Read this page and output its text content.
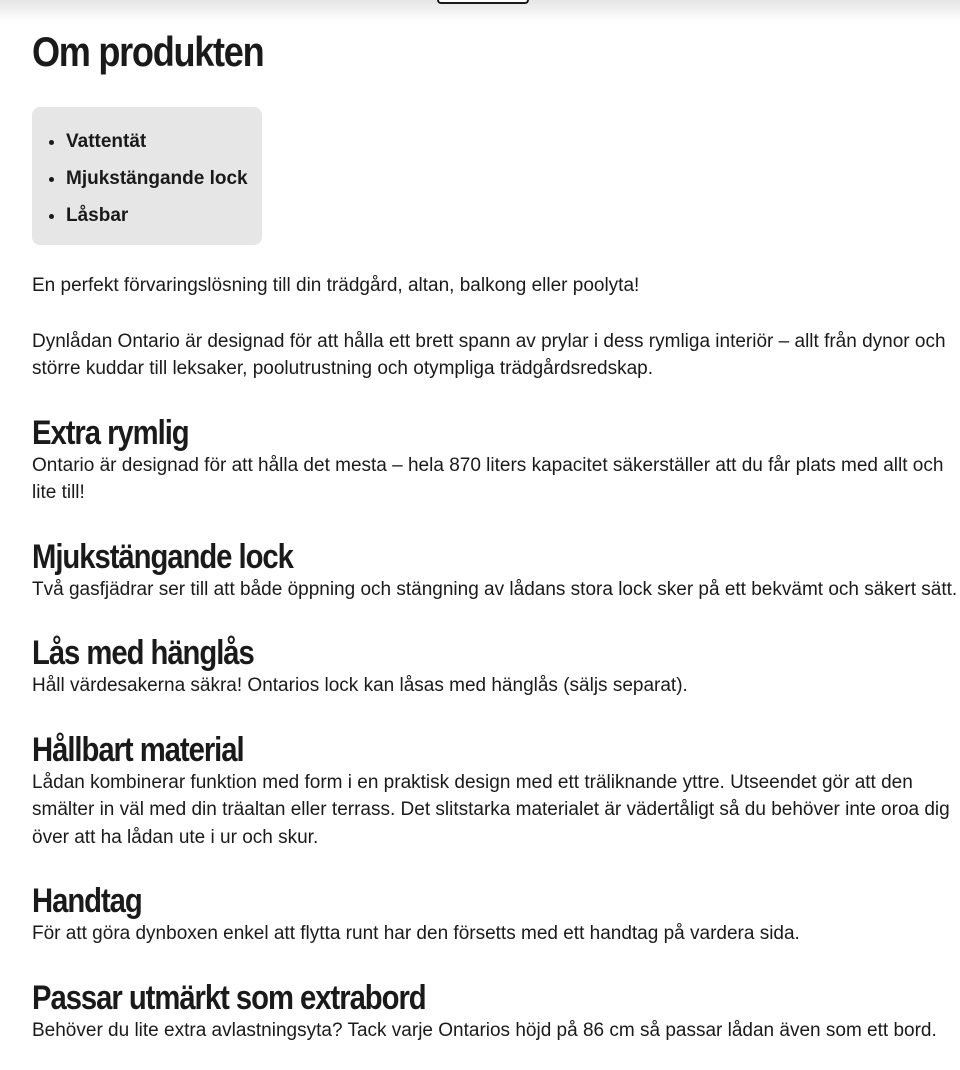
Om produkten
• Vattentät
• Mjukstängande lock
• Låsbar

En perfekt förvaringslösning till din trädgård, altan, balkong eller poolyta!

Dynlådan Ontario är designad för att hålla ett brett spann av prylar i dess rymliga interiör – allt från dynor och större kuddar till leksaker, poolutrustning och otympliga trädgårdsredskap.

Extra rymlig

Ontario är designad för att hålla det mesta – hela 870 liters kapacitet säkerställer att du får plats med allt och lite till!

Mjukstängande lock

Två gasfjädrar ser till att både öppning och stängning av lådans stora lock sker på ett bekvämt och säkert sätt.

Lås med hänglås

Håll värdesakerna säkra! Ontarios lock kan låsas med hänglås (säljs separat).

Hållbart material

Lådan kombinerar funktion med form i en praktisk design med ett träliknande yttre. Utseendet gör att den smälter in väl med din träaltan eller terrass. Det slitstarka materialet är vädertåligt så du behöver inte oroa dig över att ha lådan ute i ur och skur.

Handtag

För att göra dynboxen enkel att flytta runt har den försetts med ett handtag på vardera sida.

Passar utmärkt som extrabord

Behöver du lite extra avlastningsyta? Tack varje Ontarios höjd på 86 cm så passar lådan även som ett bord.
